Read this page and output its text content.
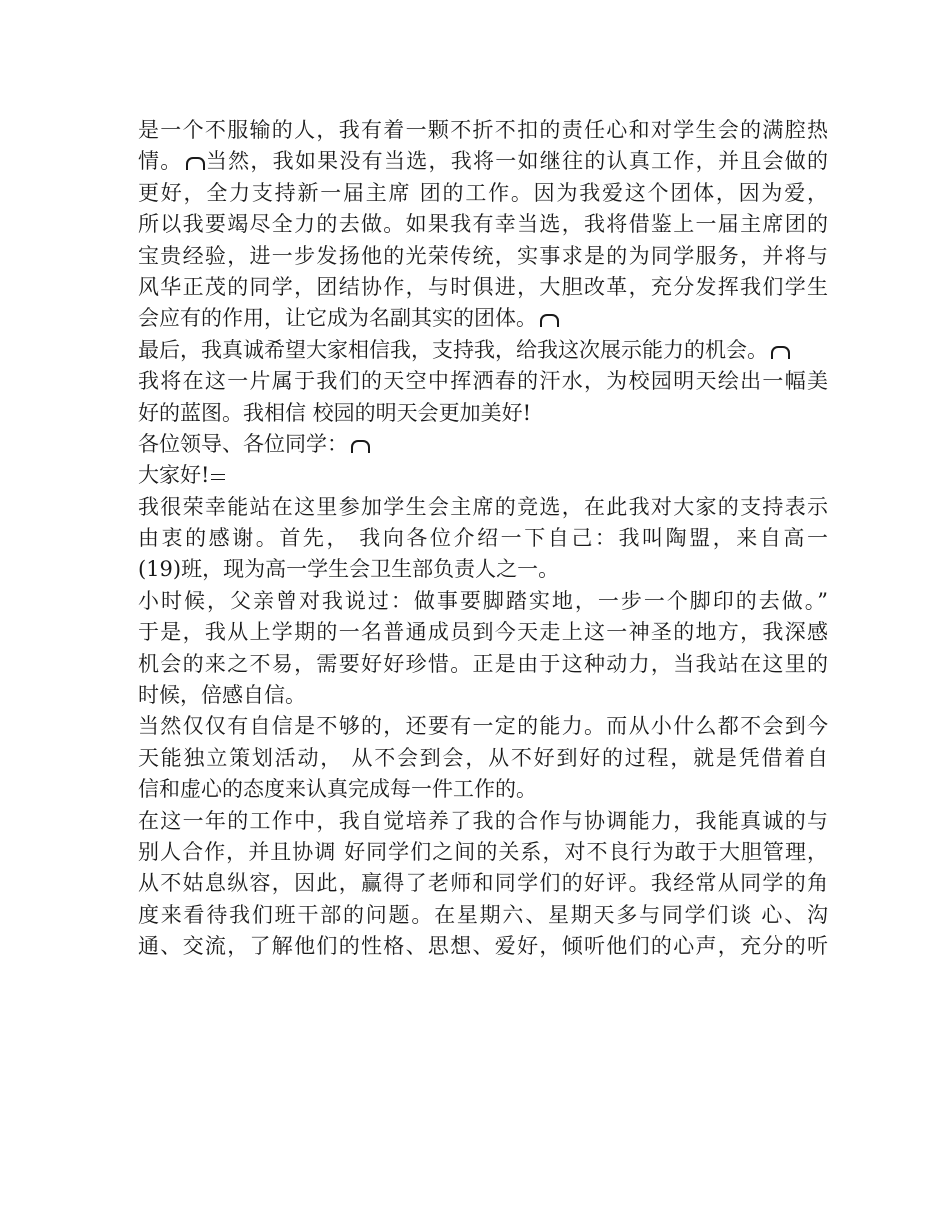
是一个不服输的人，我有着一颗不折不扣的责任心和对学生会的满腔热
情。 当然，我如果没有当选，我将一如继往的认真工作，并且会做的
更好，全力支持新一届主席 团的工作。因为我爱这个团体，因为爱，
所以我要竭尽全力的去做。如果我有幸当选，我将借鉴上一届主席团的
宝贵经验，进一步发扬他的光荣传统，实事求是的为同学服务，并将与
风华正茂的同学，团结协作，与时俱进，大胆改革，充分发挥我们学生
会应有的作用，让它成为名副其实的团体。
最后，我真诚希望大家相信我，支持我，给我这次展示能力的机会。
我将在这一片属于我们的天空中挥洒春的汗水，为校园明天绘出一幅美
好的蓝图。我相信 校园的明天会更加美好!
各位领导、各位同学：
大家好!
我很荣幸能站在这里参加学生会主席的竞选，在此我对大家的支持表示
由衷的感谢。首先， 我向各位介绍一下自己：我叫陶盟，来自高一
(19)班，现为高一学生会卫生部负责人之一。
小时候，父亲曾对我说过：做事要脚踏实地，一步一个脚印的去做。”
于是，我从上学期的一名普通成员到今天走上这一神圣的地方，我深感
机会的来之不易，需要好好珍惜。正是由于这种动力，当我站在这里的
时候，倍感自信。
当然仅仅有自信是不够的，还要有一定的能力。而从小什么都不会到今
天能独立策划活动， 从不会到会，从不好到好的过程，就是凭借着自
信和虚心的态度来认真完成每一件工作的。
在这一年的工作中，我自觉培养了我的合作与协调能力，我能真诚的与
别人合作，并且协调 好同学们之间的关系，对不良行为敢于大胆管理，
从不姑息纵容，因此，赢得了老师和同学们的好评。我经常从同学的角
度来看待我们班干部的问题。在星期六、星期天多与同学们谈 心、沟
通、交流，了解他们的性格、思想、爱好，倾听他们的心声，充分的听
